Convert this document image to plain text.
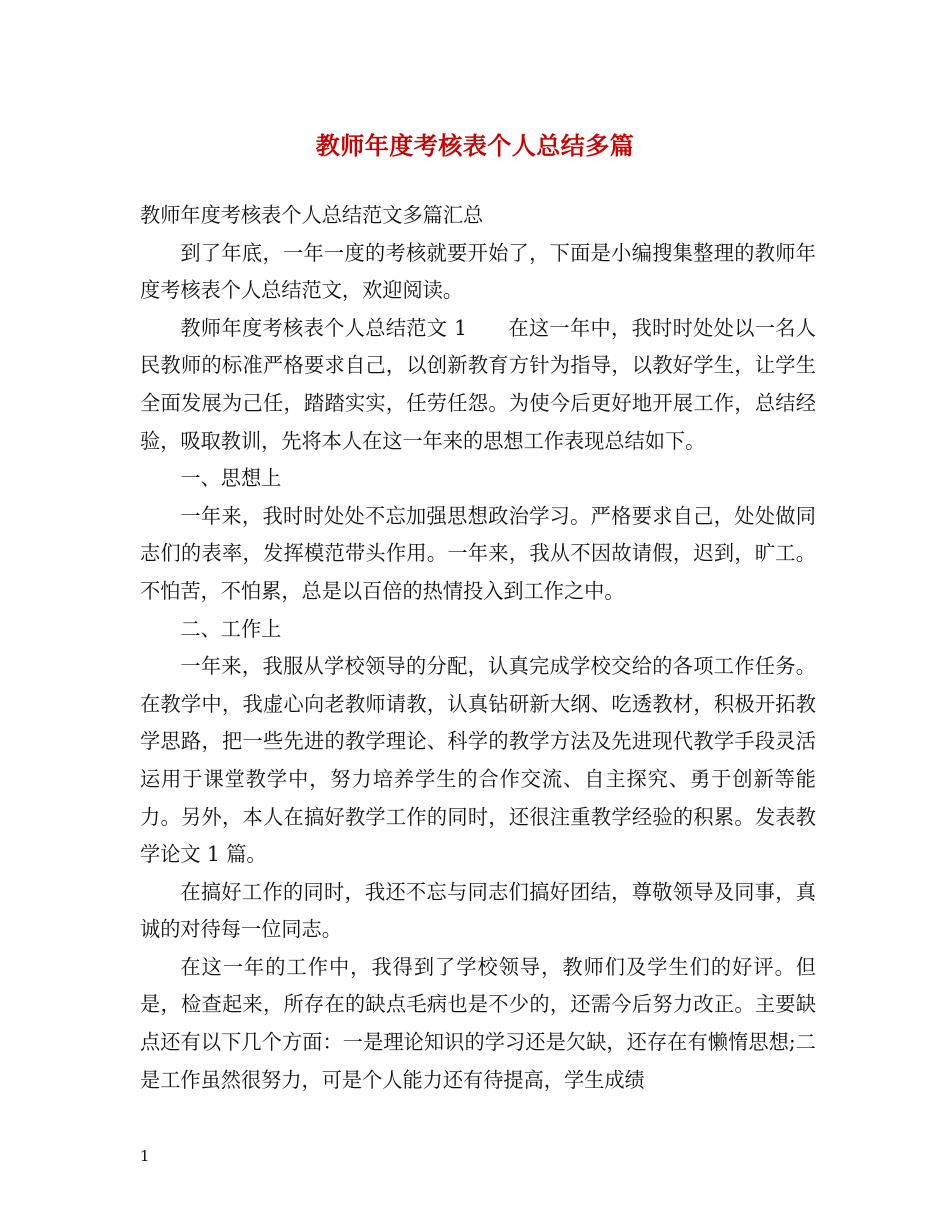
教师年度考核表个人总结多篇

教师年度考核表个人总结范文多篇汇总

到了年底，一年一度的考核就要开始了，下面是小编搜集整理的教师年度考核表个人总结范文，欢迎阅读。

教师年度考核表个人总结范文 1　　在这一年中，我时时处处以一名人民教师的标准严格要求自己，以创新教育方针为指导，以教好学生，让学生全面发展为己任，踏踏实实，任劳任怨。为使今后更好地开展工作，总结经验，吸取教训，先将本人在这一年来的思想工作表现总结如下。

一、思想上

一年来，我时时处处不忘加强思想政治学习。严格要求自己，处处做同志们的表率，发挥模范带头作用。一年来，我从不因故请假，迟到，旷工。不怕苦，不怕累，总是以百倍的热情投入到工作之中。

二、工作上

一年来，我服从学校领导的分配，认真完成学校交给的各项工作任务。在教学中，我虚心向老教师请教，认真钻研新大纲、吃透教材，积极开拓教学思路，把一些先进的教学理论、科学的教学方法及先进现代教学手段灵活运用于课堂教学中，努力培养学生的合作交流、自主探究、勇于创新等能力。另外，本人在搞好教学工作的同时，还很注重教学经验的积累。发表教学论文 1 篇。

在搞好工作的同时，我还不忘与同志们搞好团结，尊敬领导及同事，真诚的对待每一位同志。

在这一年的工作中，我得到了学校领导，教师们及学生们的好评。但是，检查起来，所存在的缺点毛病也是不少的，还需今后努力改正。主要缺点还有以下几个方面：一是理论知识的学习还是欠缺，还存在有懒惰思想;二是工作虽然很努力，可是个人能力还有待提高，学生成绩

1
